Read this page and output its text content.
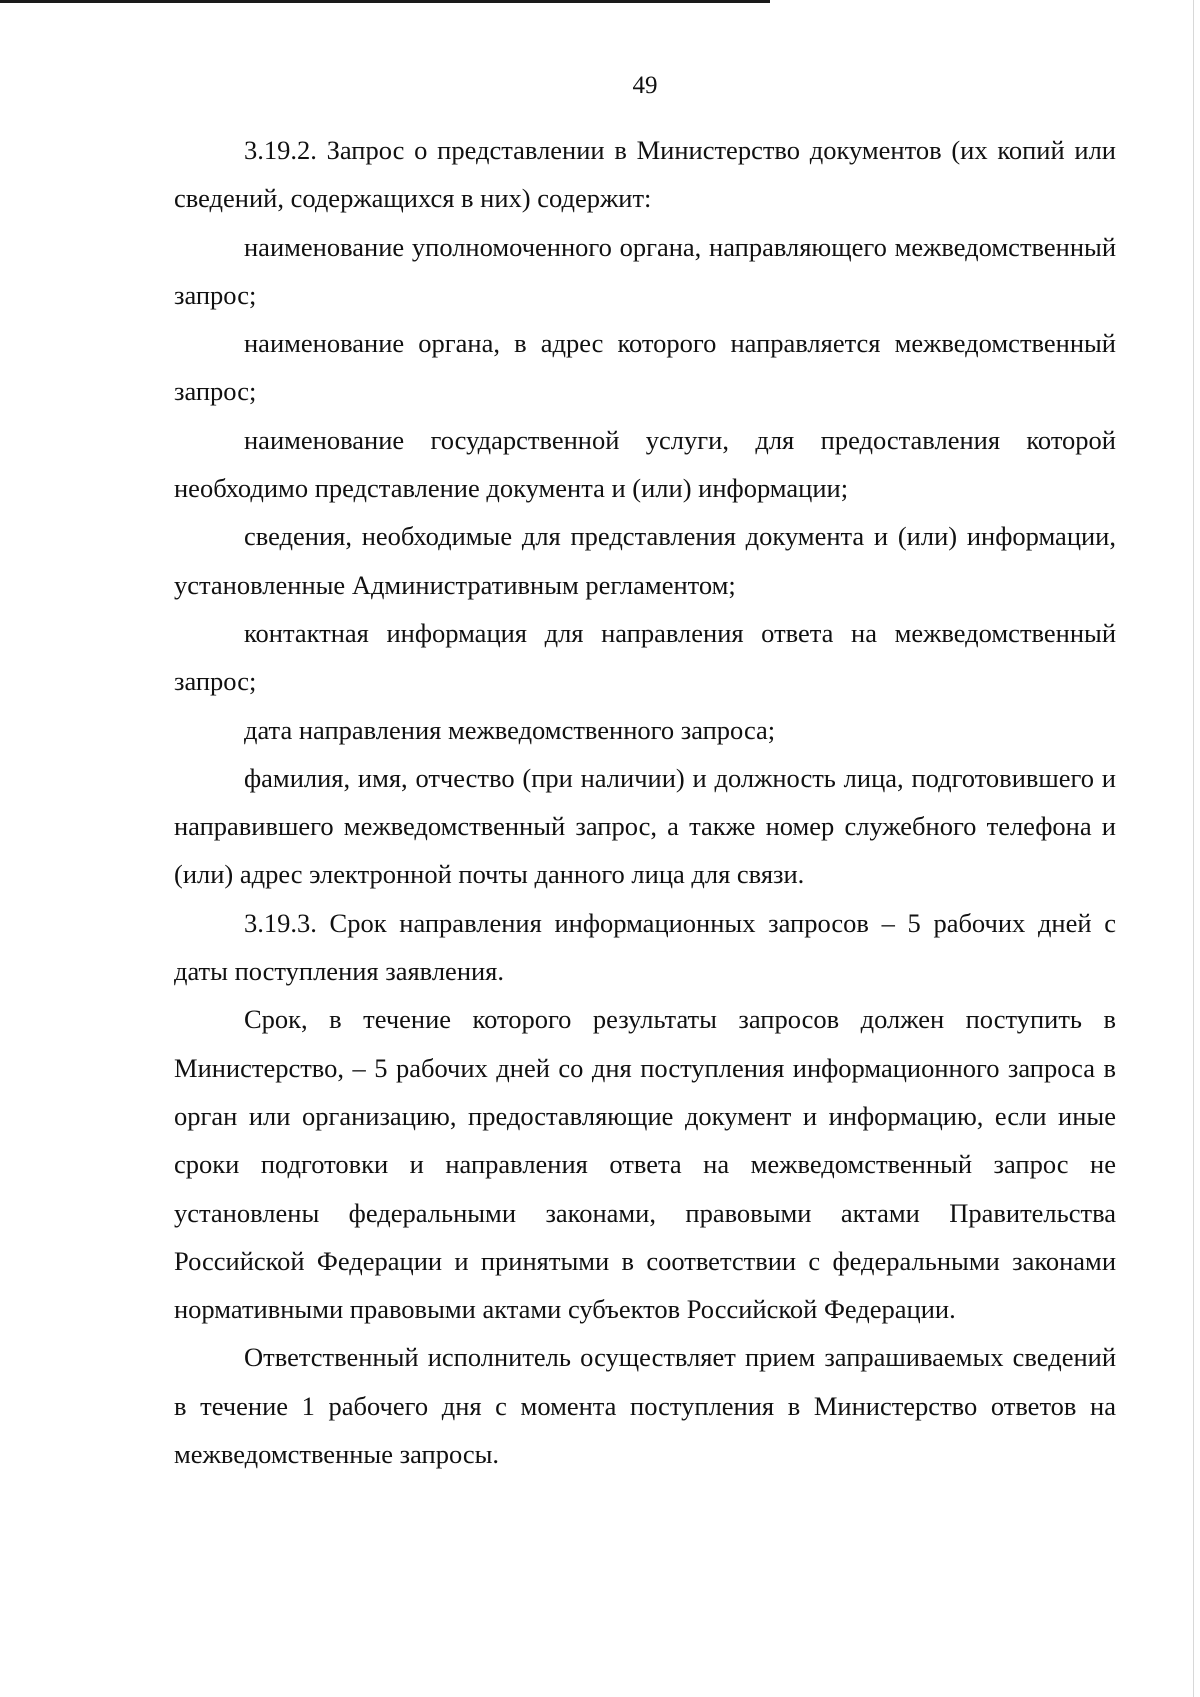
49

3.19.2. Запрос о представлении в Министерство документов (их копий или сведений, содержащихся в них) содержит:

наименование уполномоченного органа, направляющего межведомственный запрос;

наименование органа, в адрес которого направляется межведомственный запрос;

наименование государственной услуги, для предоставления которой необходимо представление документа и (или) информации;

сведения, необходимые для представления документа и (или) информации, установленные Административным регламентом;

контактная информация для направления ответа на межведомственный запрос;

дата направления межведомственного запроса;

фамилия, имя, отчество (при наличии) и должность лица, подготовившего и направившего межведомственный запрос, а также номер служебного телефона и (или) адрес электронной почты данного лица для связи.

3.19.3. Срок направления информационных запросов – 5 рабочих дней с даты поступления заявления.

Срок, в течение которого результаты запросов должен поступить в Министерство, – 5 рабочих дней со дня поступления информационного запроса в орган или организацию, предоставляющие документ и информацию, если иные сроки подготовки и направления ответа на межведомственный запрос не установлены федеральными законами, правовыми актами Правительства Российской Федерации и принятыми в соответствии с федеральными законами нормативными правовыми актами субъектов Российской Федерации.

Ответственный исполнитель осуществляет прием запрашиваемых сведений в течение 1 рабочего дня с момента поступления в Министерство ответов на межведомственные запросы.
